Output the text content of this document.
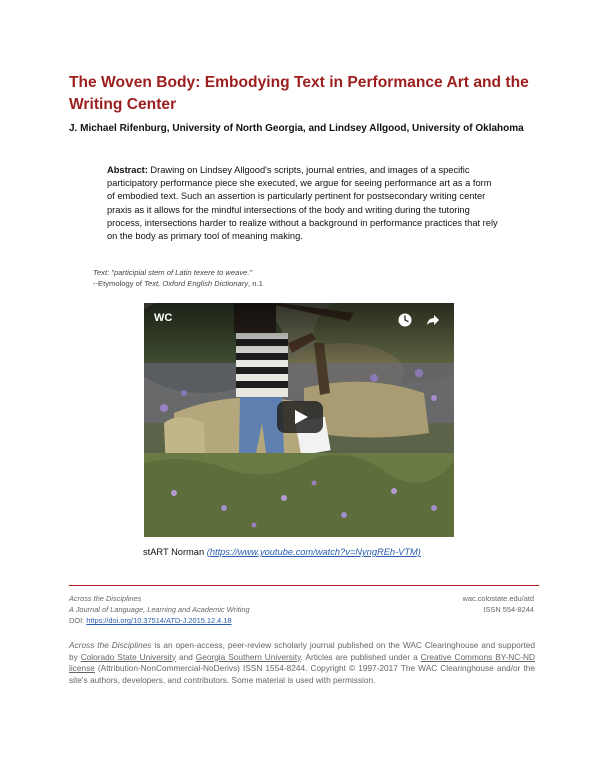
The Woven Body: Embodying Text in Performance Art and the Writing Center

J. Michael Rifenburg, University of North Georgia, and Lindsey Allgood, University of Oklahoma

Abstract: Drawing on Lindsey Allgood's scripts, journal entries, and images of a specific participatory performance piece she executed, we argue for seeing performance art as a form of embodied text. Such an assertion is particularly pertinent for postsecondary writing center praxis as it allows for the mindful intersections of the body and writing during the tutoring process, intersections harder to realize without a background in performance practices that rely on the body as primary tool of meaning making.

Text: "participial stem of Latin texere to weave."
--Etymology of Text, Oxford English Dictionary, n.1
WC

stART Norman (https://www.youtube.com/watch?v=NyngREh-VTM)

Across the Disciplines
A Journal of Language, Learning and Academic Writing
DOI: https://doi.org/10.37514/ATD-J.2015.12.4.18
wac.colostate.edu/atd
ISSN 554-8244

Across the Disciplines is an open-access, peer-review scholarly journal published on the WAC Clearinghouse and supported by Colorado State University and Georgia Southern University. Articles are published under a Creative Commons BY-NC-ND license (Attribution-NonCommercial-NoDerivs) ISSN 1554-8244. Copyright © 1997-2017 The WAC Clearinghouse and/or the site's authors, developers, and contributors. Some material is used with permission.
